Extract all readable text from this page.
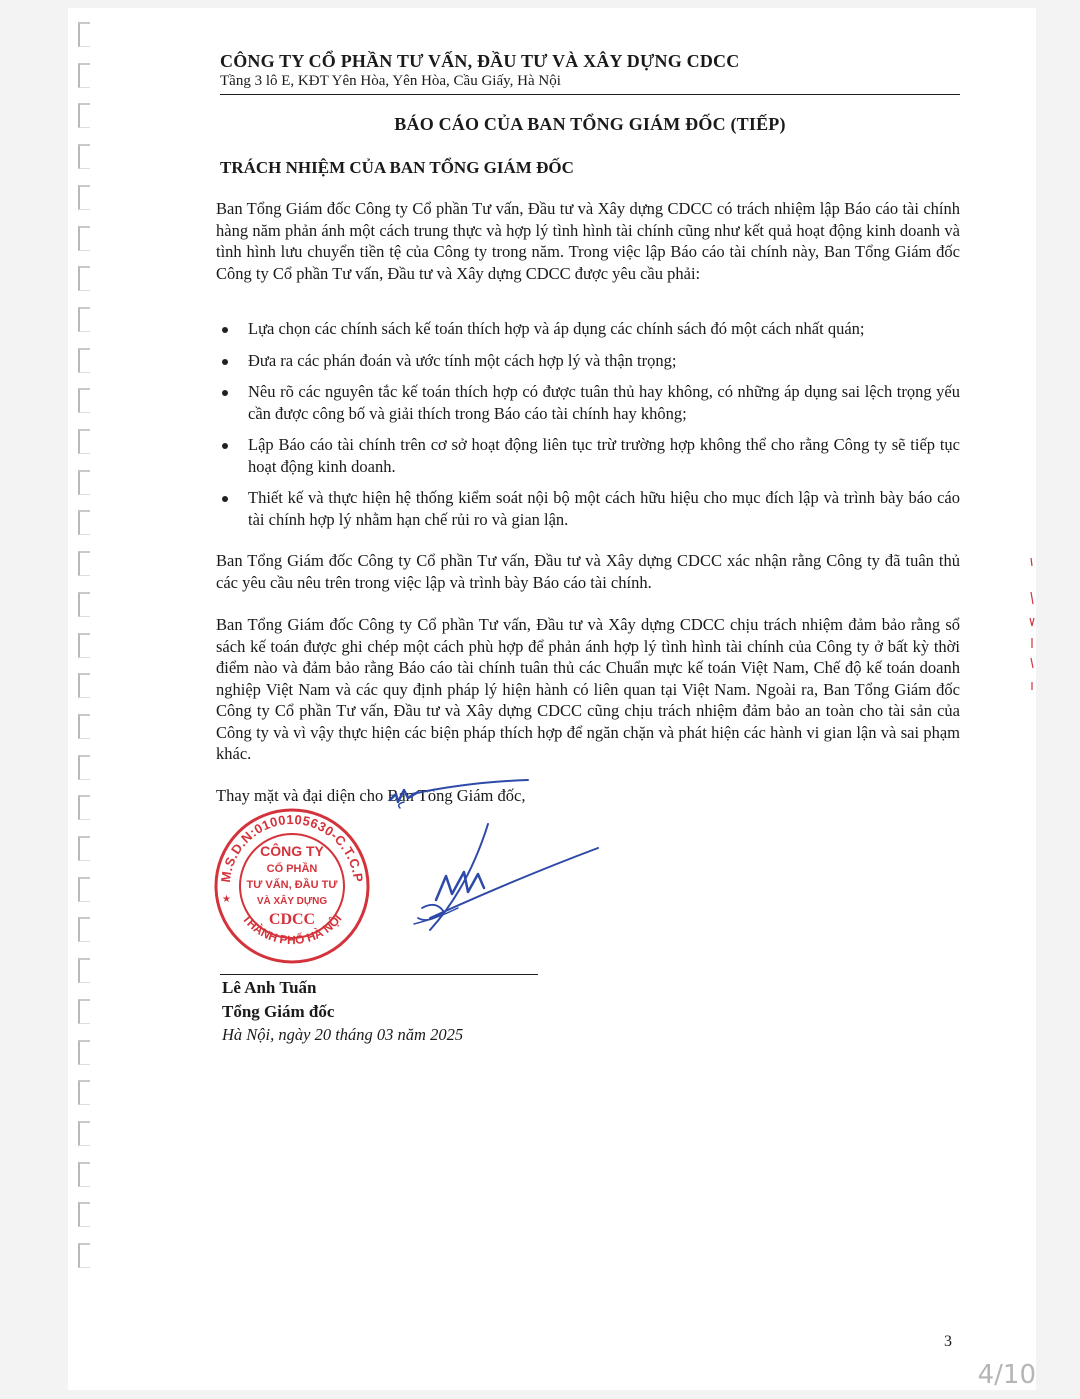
CÔNG TY CỔ PHẦN TƯ VẤN, ĐẦU TƯ VÀ XÂY DỰNG CDCC
Tầng 3 lô E, KĐT Yên Hòa, Yên Hòa, Cầu Giấy, Hà Nội
BÁO CÁO CỦA BAN TỔNG GIÁM ĐỐC (TIẾP)
TRÁCH NHIỆM CỦA BAN TỔNG GIÁM ĐỐC

Ban Tổng Giám đốc Công ty Cổ phần Tư vấn, Đầu tư và Xây dựng CDCC có trách nhiệm lập Báo cáo tài chính hàng năm phản ánh một cách trung thực và hợp lý tình hình tài chính cũng như kết quả hoạt động kinh doanh và tình hình lưu chuyển tiền tệ của Công ty trong năm. Trong việc lập Báo cáo tài chính này, Ban Tổng Giám đốc Công ty Cổ phần Tư vấn, Đầu tư và Xây dựng CDCC được yêu cầu phải:

Lựa chọn các chính sách kế toán thích hợp và áp dụng các chính sách đó một cách nhất quán;
Đưa ra các phán đoán và ước tính một cách hợp lý và thận trọng;
Nêu rõ các nguyên tắc kế toán thích hợp có được tuân thủ hay không, có những áp dụng sai lệch trọng yếu cần được công bố và giải thích trong Báo cáo tài chính hay không;
Lập Báo cáo tài chính trên cơ sở hoạt động liên tục trừ trường hợp không thể cho rằng Công ty sẽ tiếp tục hoạt động kinh doanh.
Thiết kế và thực hiện hệ thống kiểm soát nội bộ một cách hữu hiệu cho mục đích lập và trình bày báo cáo tài chính hợp lý nhằm hạn chế rủi ro và gian lận.

Ban Tổng Giám đốc Công ty Cổ phần Tư vấn, Đầu tư và Xây dựng CDCC xác nhận rằng Công ty đã tuân thủ các yêu cầu nêu trên trong việc lập và trình bày Báo cáo tài chính.

Ban Tổng Giám đốc Công ty Cổ phần Tư vấn, Đầu tư và Xây dựng CDCC chịu trách nhiệm đảm bảo rằng sổ sách kế toán được ghi chép một cách phù hợp để phản ánh hợp lý tình hình tài chính của Công ty ở bất kỳ thời điểm nào và đảm bảo rằng Báo cáo tài chính tuân thủ các Chuẩn mực kế toán Việt Nam, Chế độ kế toán doanh nghiệp Việt Nam và các quy định pháp lý hiện hành có liên quan tại Việt Nam. Ngoài ra, Ban Tổng Giám đốc Công ty Cổ phần Tư vấn, Đầu tư và Xây dựng CDCC cũng chịu trách nhiệm đảm bảo an toàn cho tài sản của Công ty và vì vậy thực hiện các biện pháp thích hợp để ngăn chặn và phát hiện các hành vi gian lận và sai phạm khác.

Thay mặt và đại diện cho Ban Tổng Giám đốc,
M.S.D.N:0100105630-C.T.C.P
THÀNH PHỐ HÀ NỘI
CÔNG TY
CỔ PHẦN
TƯ VẤN, ĐẦU TƯ
VÀ XÂY DỰNG
CDCC
★
Lê Anh Tuấn
Tổng Giám đốc
Hà Nội, ngày 20 tháng 03 năm 2025
3
4/10
